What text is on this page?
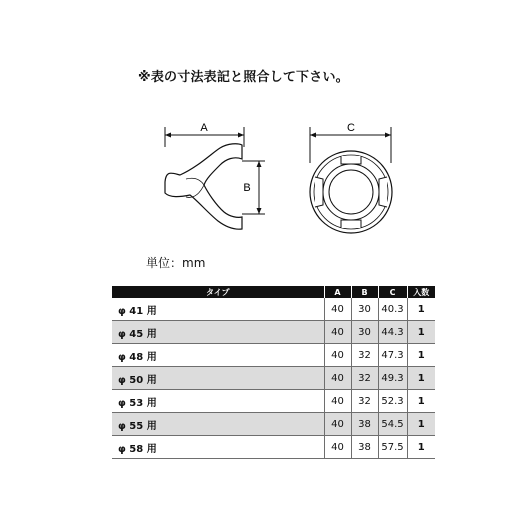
※表の寸法表記と照合して下さい。
A
B
C
単位：mm
タイプ	A	B	C	入数
φ 41 用	40	30	40.3	1
φ 45 用	40	30	44.3	1
φ 48 用	40	32	47.3	1
φ 50 用	40	32	49.3	1
φ 53 用	40	32	52.3	1
φ 55 用	40	38	54.5	1
φ 58 用	40	38	57.5	1
